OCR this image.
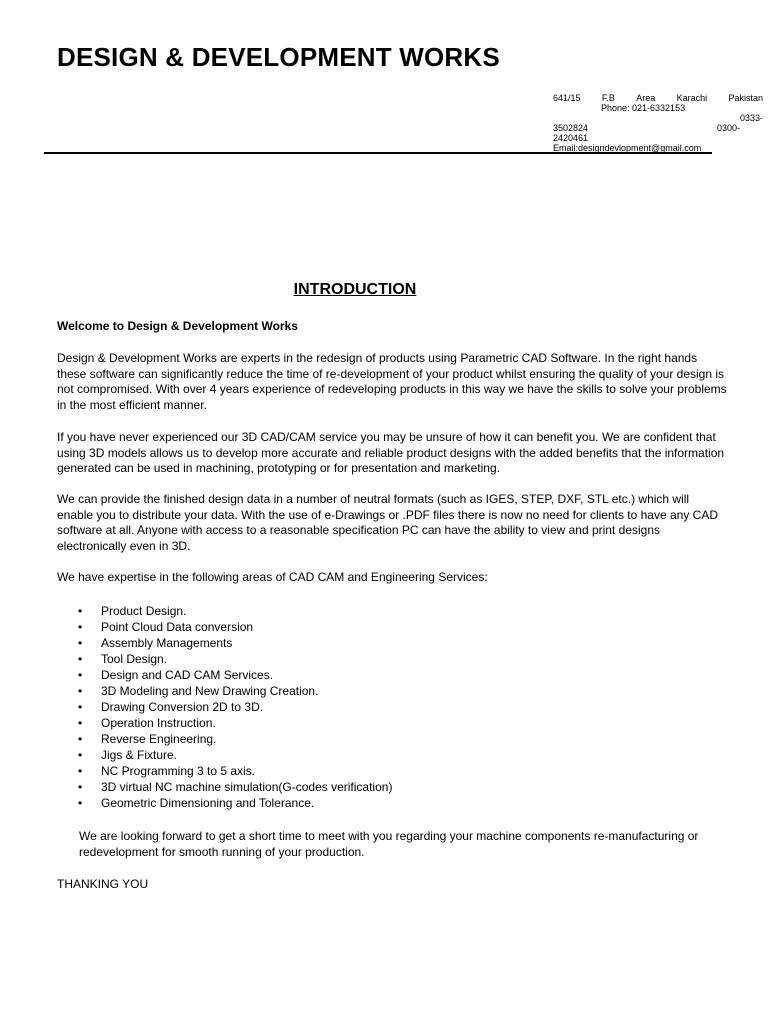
DESIGN & DEVELOPMENT WORKS
641/15 F.B Area Karachi Pakistan
Phone: 021-6332153
0333-
3502824	0300-
2420461
Email:designdevlopment@gmail.com
INTRODUCTION
Welcome to Design & Development Works

Design & Development Works are experts in the redesign of products using Parametric CAD Software. In the right hands these software can significantly reduce the time of re-development of your product whilst ensuring the quality of your design is not compromised. With over 4 years experience of redeveloping products in this way we have the skills to solve your problems in the most efficient manner.

If you have never experienced our 3D CAD/CAM service you may be unsure of how it can benefit you. We are confident that using 3D models allows us to develop more accurate and reliable product designs with the added benefits that the information generated can be used in machining, prototyping or for presentation and marketing.

We can provide the finished design data in a number of neutral formats (such as IGES, STEP, DXF, STL etc.) which will enable you to distribute your data. With the use of e-Drawings or .PDF files there is now no need for clients to have any CAD software at all. Anyone with access to a reasonable specification PC can have the ability to view and print designs electronically even in 3D.

We have expertise in the following areas of CAD CAM and Engineering Services:

• Product Design.
• Point Cloud Data conversion
• Assembly Managements
• Tool Design.
• Design and CAD CAM Services.
• 3D Modeling and New Drawing Creation.
• Drawing Conversion 2D to 3D.
• Operation Instruction.
• Reverse Engineering.
• Jigs & Fixture.
• NC Programming 3 to 5 axis.
• 3D virtual NC machine simulation(G-codes verification)
• Geometric Dimensioning and Tolerance.

We are looking forward to get a short time to meet with you regarding your machine components re-manufacturing or redevelopment for smooth running of your production.

THANKING YOU
